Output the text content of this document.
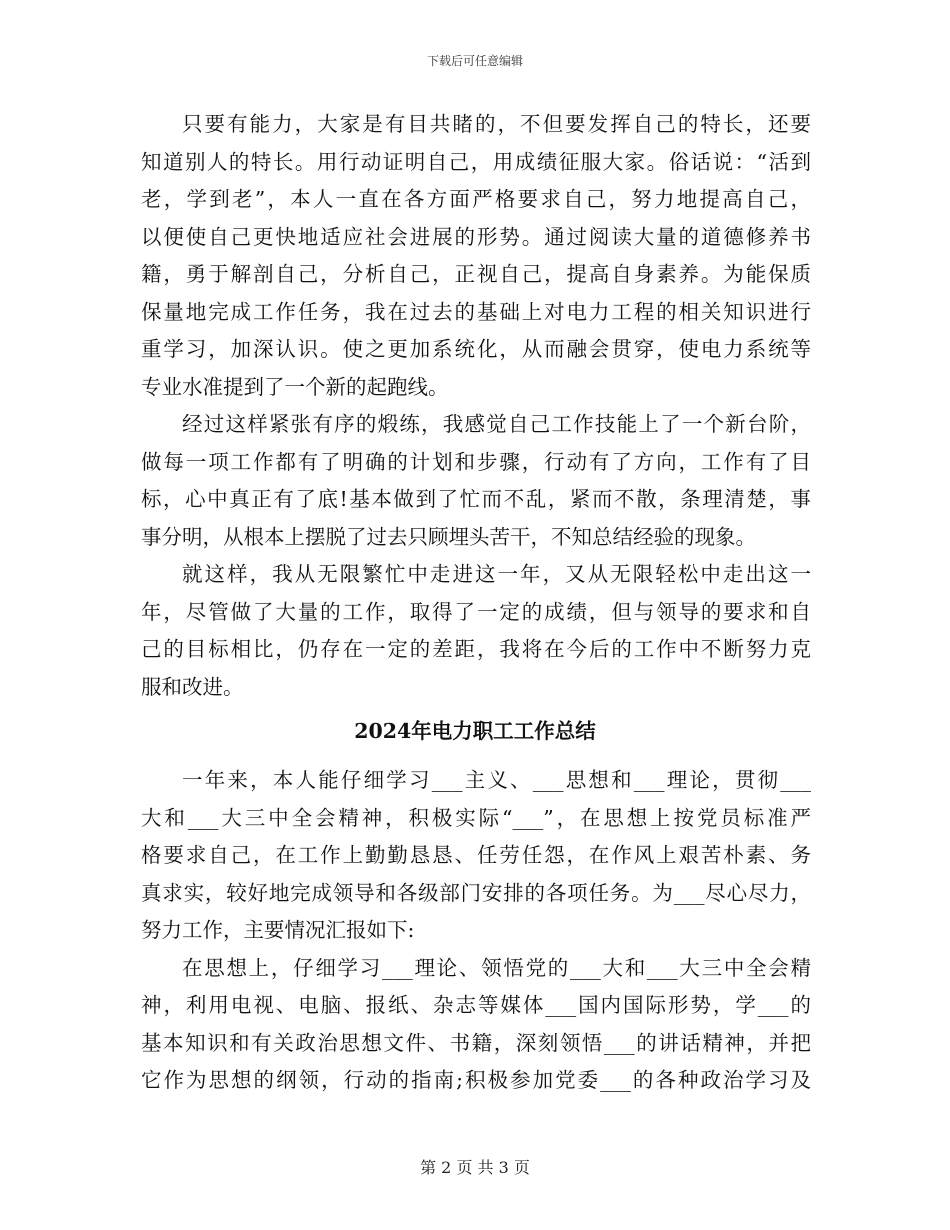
下载后可任意编辑
只要有能力，大家是有目共睹的，不但要发挥自己的特长，还要
知道别人的特长。用行动证明自己，用成绩征服大家。俗话说：“活到
老，学到老”，本人一直在各方面严格要求自己，努力地提高自己，
以便使自己更快地适应社会进展的形势。通过阅读大量的道德修养书
籍，勇于解剖自己，分析自己，正视自己，提高自身素养。为能保质
保量地完成工作任务，我在过去的基础上对电力工程的相关知识进行
重学习，加深认识。使之更加系统化，从而融会贯穿，使电力系统等
专业水准提到了一个新的起跑线。
经过这样紧张有序的煅练，我感觉自己工作技能上了一个新台阶，
做每一项工作都有了明确的计划和步骤，行动有了方向，工作有了目
标，心中真正有了底!基本做到了忙而不乱，紧而不散，条理清楚，事
事分明，从根本上摆脱了过去只顾埋头苦干，不知总结经验的现象。
就这样，我从无限繁忙中走进这一年，又从无限轻松中走出这一
年，尽管做了大量的工作，取得了一定的成绩，但与领导的要求和自
己的目标相比，仍存在一定的差距，我将在今后的工作中不断努力克
服和改进。
2024年电力职工工作总结
一年来，本人能仔细学习___主义、___思想和___理论，贯彻___
大和___大三中全会精神，积极实际“___”，在思想上按党员标准严
格要求自己，在工作上勤勤恳恳、任劳任怨，在作风上艰苦朴素、务
真求实，较好地完成领导和各级部门安排的各项任务。为___尽心尽力，
努力工作，主要情况汇报如下:
在思想上，仔细学习___理论、领悟党的___大和___大三中全会精
神，利用电视、电脑、报纸、杂志等媒体___国内国际形势，学___的
基本知识和有关政治思想文件、书籍，深刻领悟___的讲话精神，并把
它作为思想的纲领，行动的指南;积极参加党委___的各种政治学习及
第 2 页 共 3 页
